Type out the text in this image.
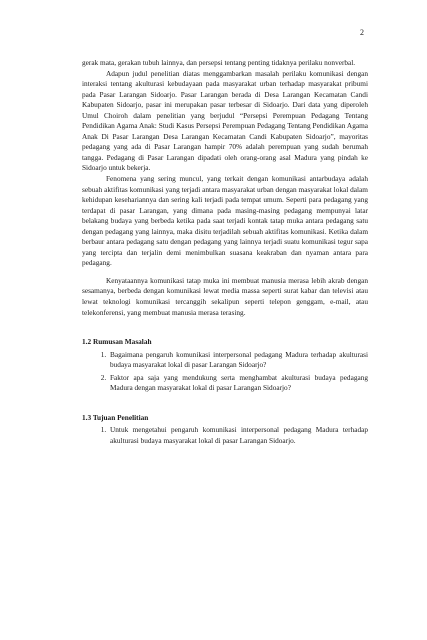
2

gerak mata, gerakan tubuh lainnya, dan persepsi tentang penting tidaknya perilaku nonverbal.

Adapun judul penelitian diatas menggambarkan masalah perilaku komunikasi dengan interaksi tentang akulturasi kebudayaan pada masyarakat urban terhadap masyarakat pribumi pada Pasar Larangan Sidoarjo. Pasar Larangan berada di Desa Larangan Kecamatan Candi Kabupaten Sidoarjo, pasar ini merupakan pasar terbesar di Sidoarjo. Dari data yang diperoleh Umul Choiroh dalam penelitian yang berjudul “Persepsi Perempuan Pedagang Tentang Pendidikan Agama Anak: Studi Kasus Persepsi Perempuan Pedagang Tentang Pendidikan Agama Anak Di Pasar Larangan Desa Larangan Kecamatan Candi Kabupaten Sidoarjo”, mayoritas pedagang yang ada di Pasar Larangan hampir 70% adalah perempuan yang sudah berumah tangga. Pedagang di Pasar Larangan dipadati oleh orang-orang asal Madura yang pindah ke Sidoarjo untuk bekerja.

Fenomena yang sering muncul, yang terkait dengan komunikasi antarbudaya adalah sebuah aktifitas komunikasi yang terjadi antara masyarakat urban dengan masyarakat lokal dalam kehidupan kesehariannya dan sering kali terjadi pada tempat umum. Seperti para pedagang yang terdapat di pasar Larangan, yang dimana pada masing-masing pedagang mempunyai latar belakang budaya yang berbeda ketika pada saat terjadi kontak tatap muka antara pedagang satu dengan pedagang yang lainnya, maka disitu terjadilah sebuah aktifitas komunikasi. Ketika dalam berbaur antara pedagang satu dengan pedagang yang lainnya terjadi suatu komunikasi tegur sapa yang tercipta dan terjalin demi menimbulkan suasana keakraban dan nyaman antara para pedagang.

Kenyataannya komunikasi tatap muka ini membuat manusia merasa lebih akrab dengan sesamanya, berbeda dengan komunikasi lewat media massa seperti surat kabar dan televisi atau lewat teknologi komunikasi tercanggih sekalipun seperti telepon genggam, e-mail, atau telekonferensi, yang membuat manusia merasa terasing.

1.2 Rumusan Masalah
1. Bagaimana pengaruh komunikasi interpersonal pedagang Madura terhadap akulturasi budaya masyarakat lokal di pasar Larangan Sidoarjo?
2. Faktor apa saja yang mendukung serta menghambat akulturasi budaya pedagang Madura dengan masyarakat lokal di pasar Larangan Sidoarjo?
1.3 Tujuan Penelitian
1. Untuk mengetahui pengaruh komunikasi interpersonal pedagang Madura terhadap akulturasi budaya masyarakat lokal di pasar Larangan Sidoarjo.
